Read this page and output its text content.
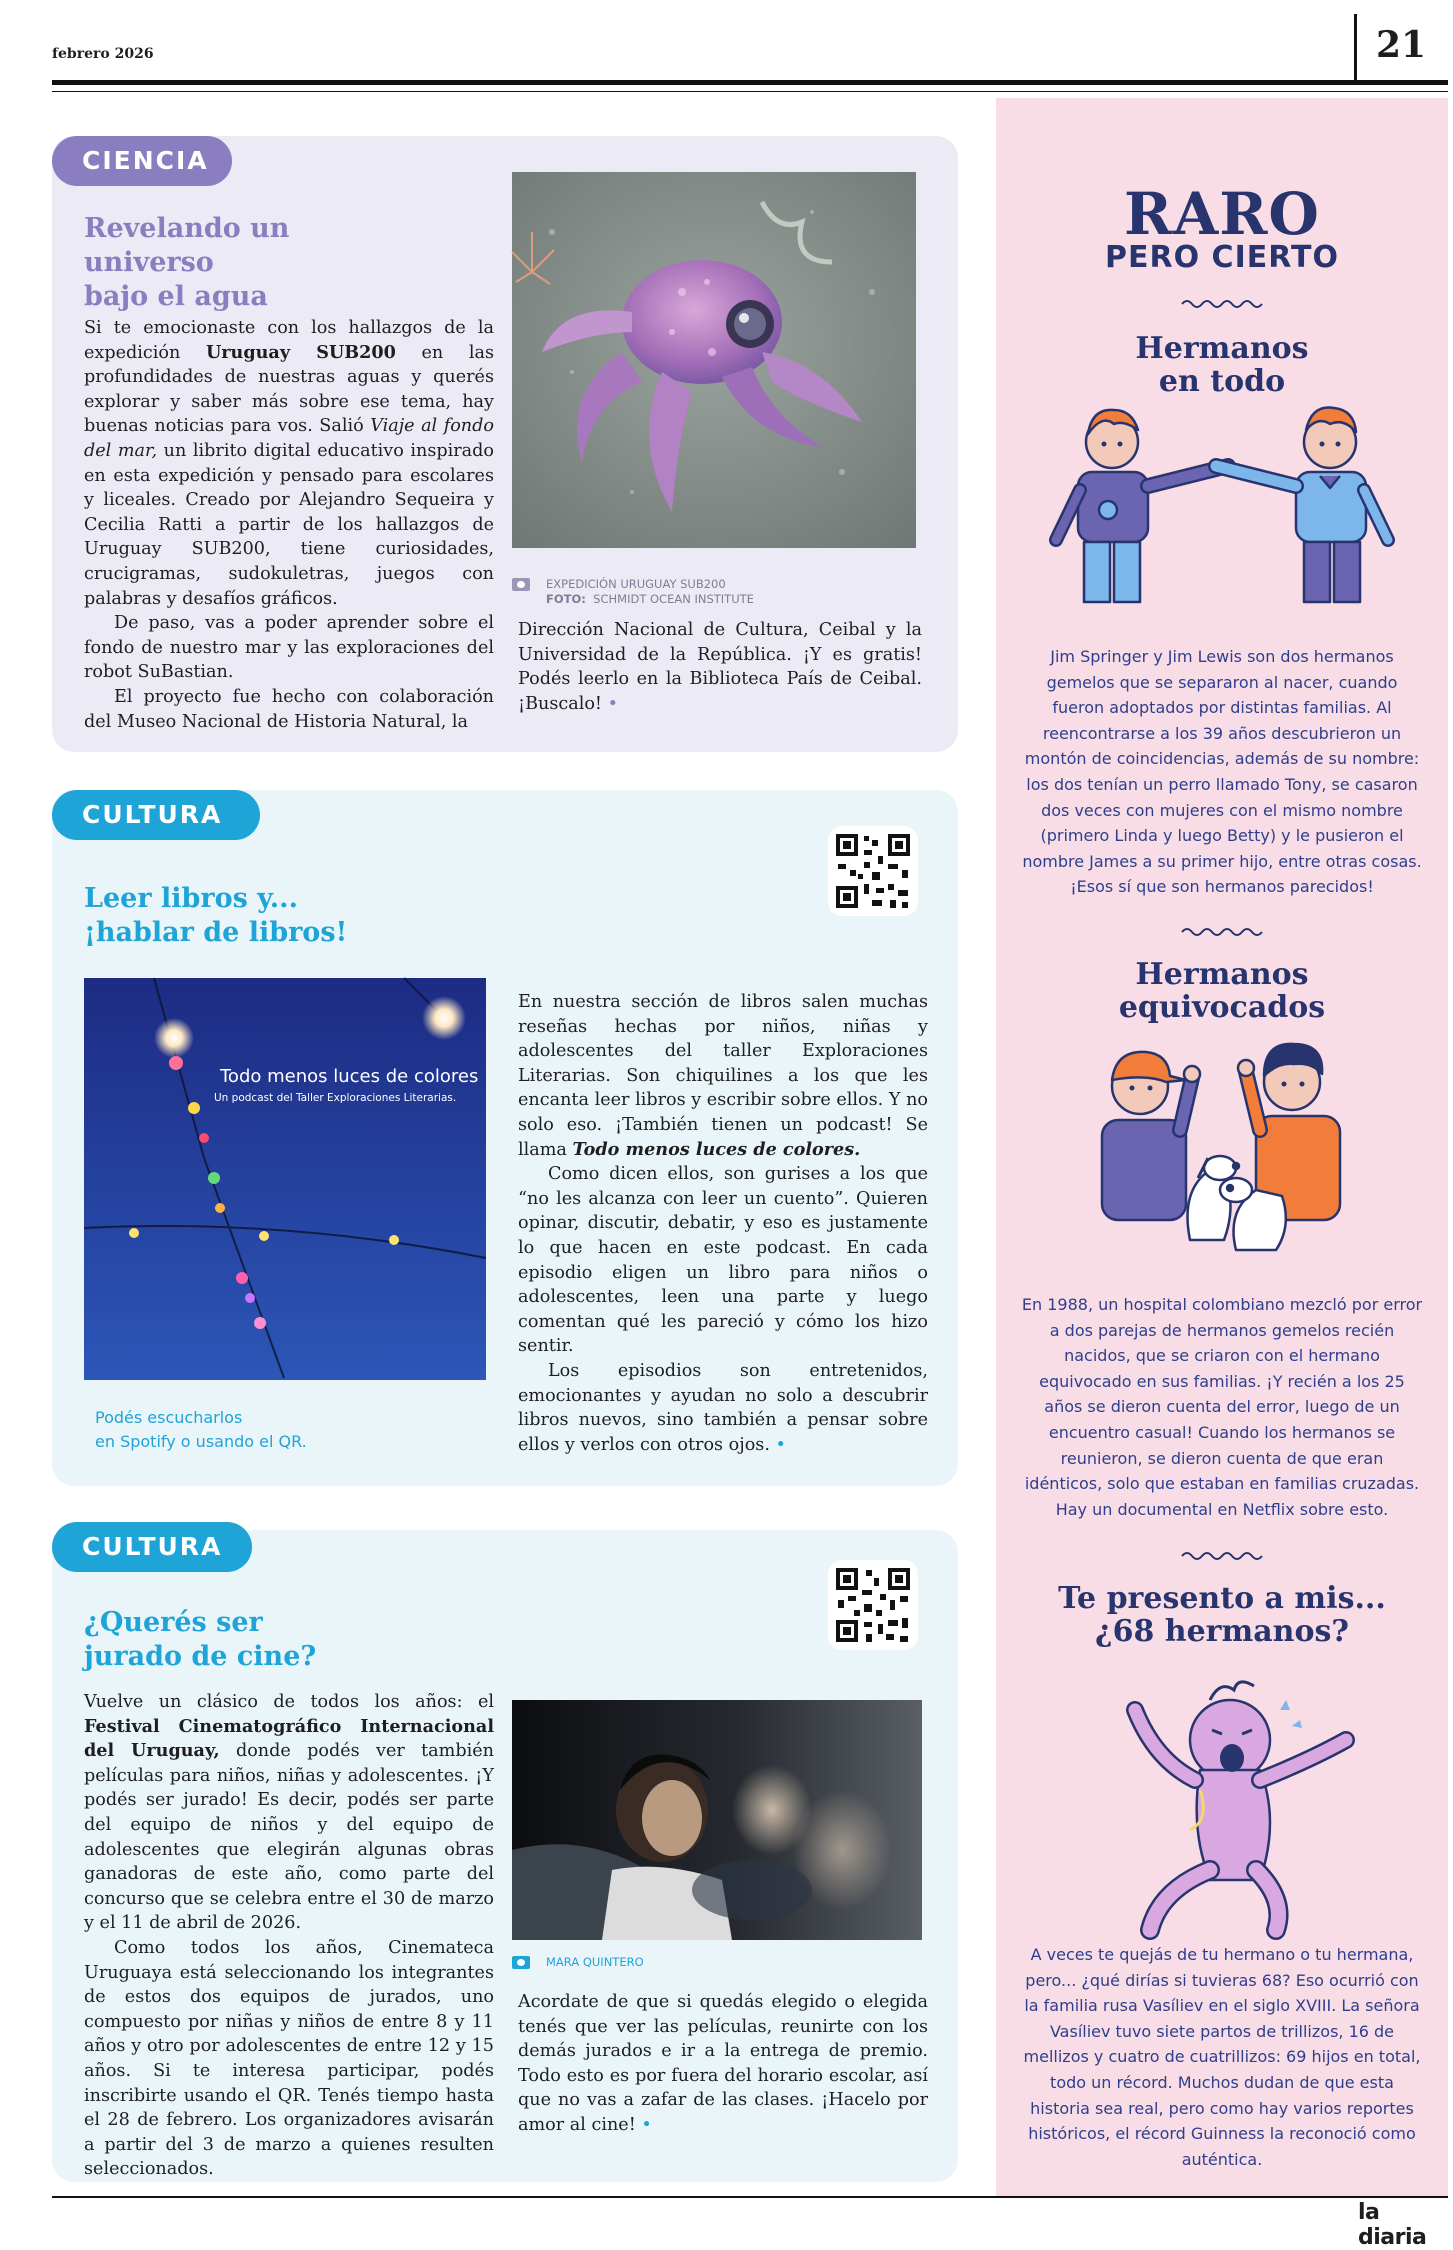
febrero 2026	21
CIENCIA
Revelando un universo
bajo el agua
EXPEDICIÓN URUGUAY SUB200
FOTO: SCHMIDT OCEAN INSTITUTE

Si te emocionaste con los hallazgos de la expedición Uruguay SUB200 en las profundidades de nuestras aguas y querés explorar y saber más sobre ese tema, hay buenas noticias para vos. Salió Viaje al fondo del mar, un librito digital educativo inspirado en esta expedición y pensado para escolares y liceales. Creado por Alejandro Sequeira y Cecilia Ratti a partir de los hallazgos de Uruguay SUB200, tiene curiosidades, crucigramas, sudokuletras, juegos con palabras y desafíos gráficos.

De paso, vas a poder aprender sobre el fondo de nuestro mar y las exploraciones del robot SuBastian.

El proyecto fue hecho con colaboración del Museo Nacional de Historia Natural, la

Dirección Nacional de Cultura, Ceibal y la Universidad de la República. ¡Y es gratis! Podés leerlo en la Biblioteca País de Ceibal. ¡Buscalo! •

CULTURA
Leer libros y...
¡hablar de libros!
Todo menos luces de colores
Un podcast del Taller Exploraciones Literarias.
Podés escucharlos
en Spotify o usando el QR.

En nuestra sección de libros salen muchas reseñas hechas por niños, niñas y adolescentes del taller Exploraciones Literarias. Son chiquilines a los que les encanta leer libros y escribir sobre ellos. Y no solo eso. ¡También tienen un podcast! Se llama Todo menos luces de colores.

Como dicen ellos, son gurises a los que “no les alcanza con leer un cuento”. Quieren opinar, discutir, debatir, y eso es justamente lo que hacen en este podcast. En cada episodio eligen un libro para niños o adolescentes, leen una parte y luego comentan qué les pareció y cómo los hizo sentir.

Los episodios son entretenidos, emocionantes y ayudan no solo a descubrir libros nuevos, sino también a pensar sobre ellos y verlos con otros ojos. •

CULTURA
¿Querés ser
jurado de cine?
MARA QUINTERO

Vuelve un clásico de todos los años: el Festival Cinematográfico Internacional del Uruguay, donde podés ver también películas para niños, niñas y adolescentes. ¡Y podés ser jurado! Es decir, podés ser parte del equipo de niños y del equipo de adolescentes que elegirán algunas obras ganadoras de este año, como parte del concurso que se celebra entre el 30 de marzo y el 11 de abril de 2026.

Como todos los años, Cinemateca Uruguaya está seleccionando los integrantes de estos dos equipos de jurados, uno compuesto por niñas y niños de entre 8 y 11 años y otro por adolescentes de entre 12 y 15 años. Si te interesa participar, podés inscribirte usando el QR. Tenés tiempo hasta el 28 de febrero. Los organizadores avisarán a partir del 3 de marzo a quienes resulten seleccionados.

Acordate de que si quedás elegido o elegida tenés que ver las películas, reunirte con los demás jurados e ir a la entrega de premio. Todo esto es por fuera del horario escolar, así que no vas a zafar de las clases. ¡Hacelo por amor al cine! •

RARO
PERO CIERTO
Hermanos
en todo
Jim Springer y Jim Lewis son dos hermanos gemelos que se separaron al nacer, cuando fueron adoptados por distintas familias. Al reencontrarse a los 39 años descubrieron un montón de coincidencias, además de su nombre: los dos tenían un perro llamado Tony, se casaron dos veces con mujeres con el mismo nombre (primero Linda y luego Betty) y le pusieron el nombre James a su primer hijo, entre otras cosas. ¡Esos sí que son hermanos parecidos!
Hermanos
equivocados
En 1988, un hospital colombiano mezcló por error a dos parejas de hermanos gemelos recién nacidos, que se criaron con el hermano equivocado en sus familias. ¡Y recién a los 25 años se dieron cuenta del error, luego de un encuentro casual! Cuando los hermanos se reunieron, se dieron cuenta de que eran idénticos, solo que estaban en familias cruzadas. Hay un documental en Netflix sobre esto.
Te presento a mis...
¿68 hermanos?
A veces te quejás de tu hermano o tu hermana, pero... ¿qué dirías si tuvieras 68? Eso ocurrió con la familia rusa Vasíliev en el siglo XVIII. La señora Vasíliev tuvo siete partos de trillizos, 16 de mellizos y cuatro de cuatrillizos: 69 hijos en total, todo un récord. Muchos dudan de que esta historia sea real, pero como hay varios reportes históricos, el récord Guinness la reconoció como auténtica.
la diaria
